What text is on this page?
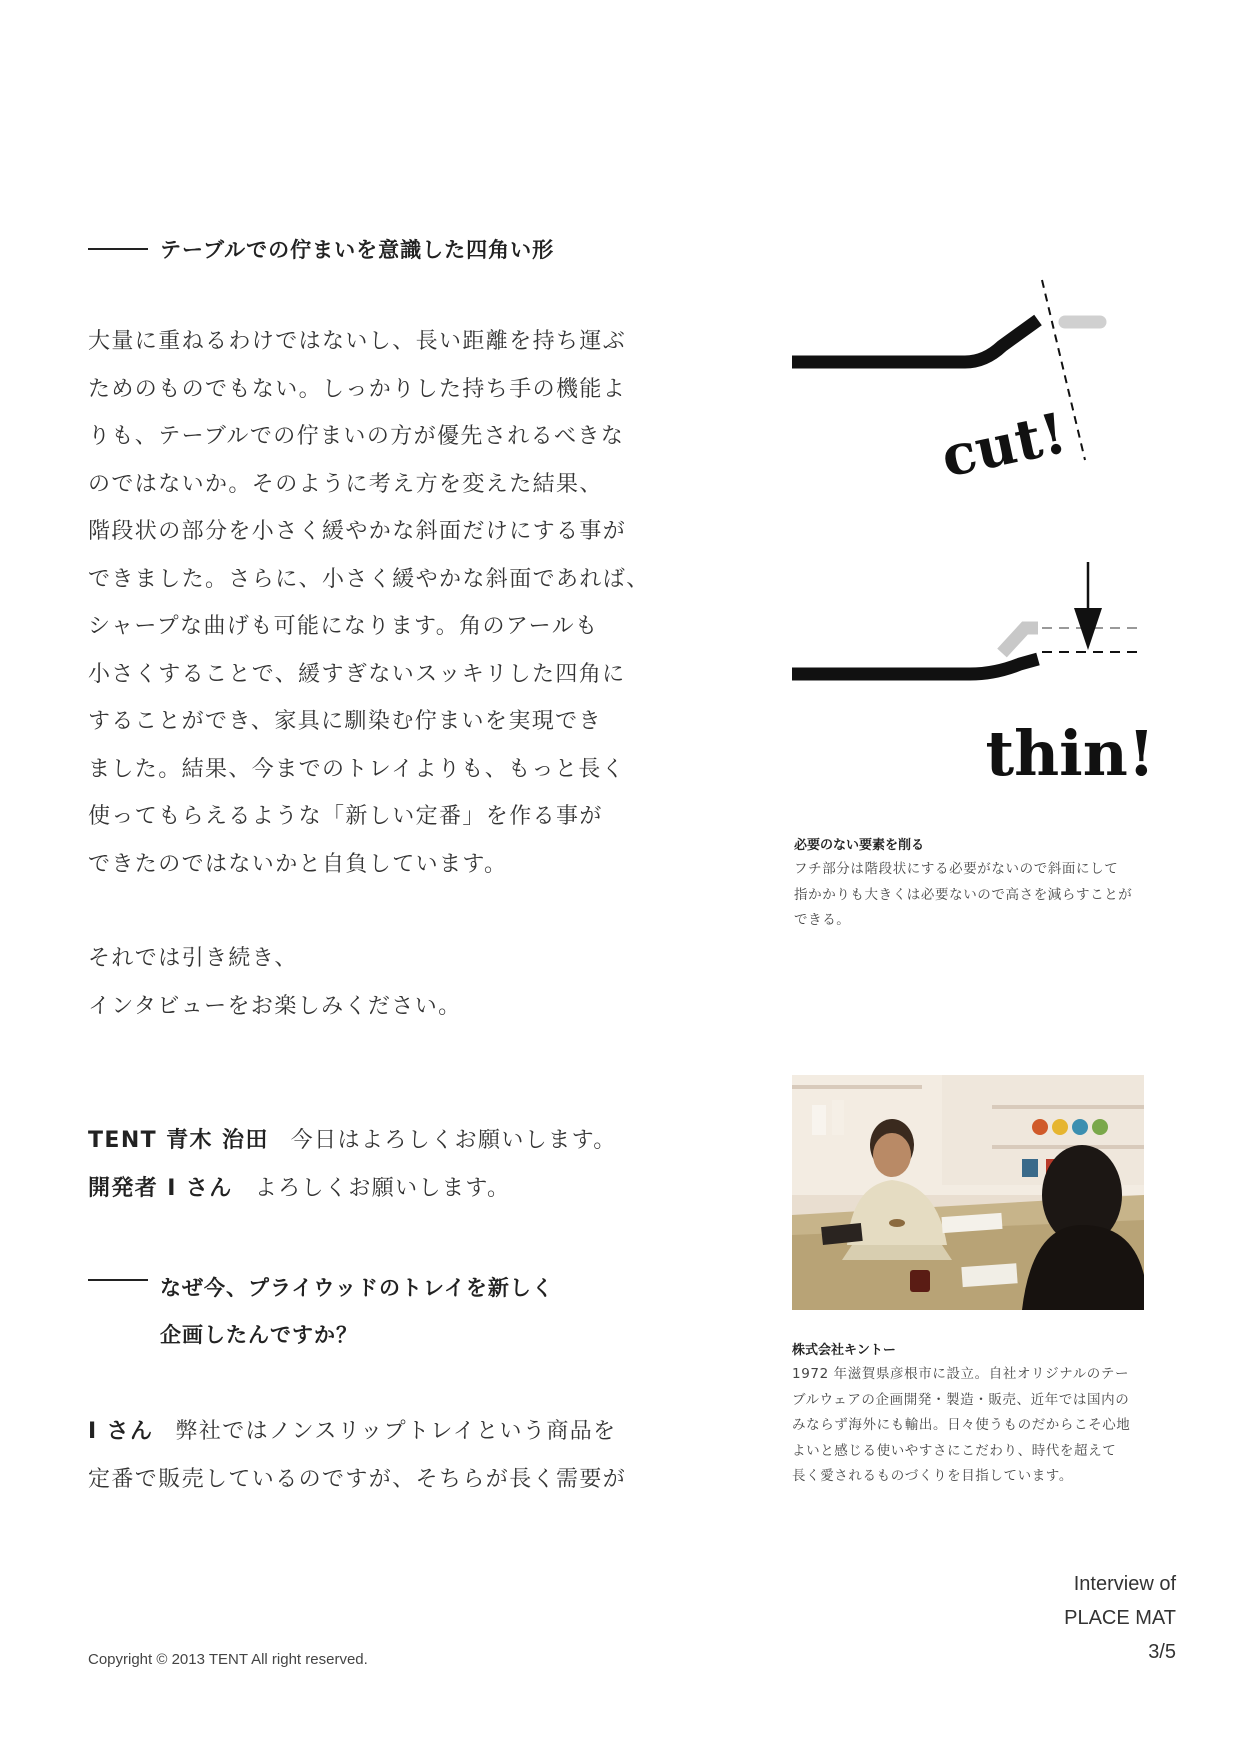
テーブルでの佇まいを意識した四角い形

大量に重ねるわけではないし、長い距離を持ち運ぶ

ためのものでもない。しっかりした持ち手の機能よ

りも、テーブルでの佇まいの方が優先されるべきな

のではないか。そのように考え方を変えた結果、

階段状の部分を小さく緩やかな斜面だけにする事が

できました。さらに、小さく緩やかな斜面であれば、

シャープな曲げも可能になります。角のアールも

小さくすることで、緩すぎないスッキリした四角に

することができ、家具に馴染む佇まいを実現でき

ました。結果、今までのトレイよりも、もっと長く

使ってもらえるような「新しい定番」を作る事が

できたのではないかと自負しています。

それでは引き続き、

インタビューをお楽しみください。

TENT 青木 治田 今日はよろしくお願いします。

開発者 I さん よろしくお願いします。

なぜ今、プライウッドのトレイを新しく
企画したんですか？

I さん 弊社ではノンスリップトレイという商品を

定番で販売しているのですが、そちらが長く需要が

cut!
thin!
必要のない要素を削る

フチ部分は階段状にする必要がないので斜面にして

指かかりも大きくは必要ないので高さを減らすことが

できる。

株式会社キントー

1972 年滋賀県彦根市に設立。自社オリジナルのテー

ブルウェアの企画開発・製造・販売、近年では国内の

みならず海外にも輸出。日々使うものだからこそ心地

よいと感じる使いやすさにこだわり、時代を超えて

長く愛されるものづくりを目指しています。

Interview of
PLACE MAT
3/5
Copyright © 2013 TENT All right reserved.
